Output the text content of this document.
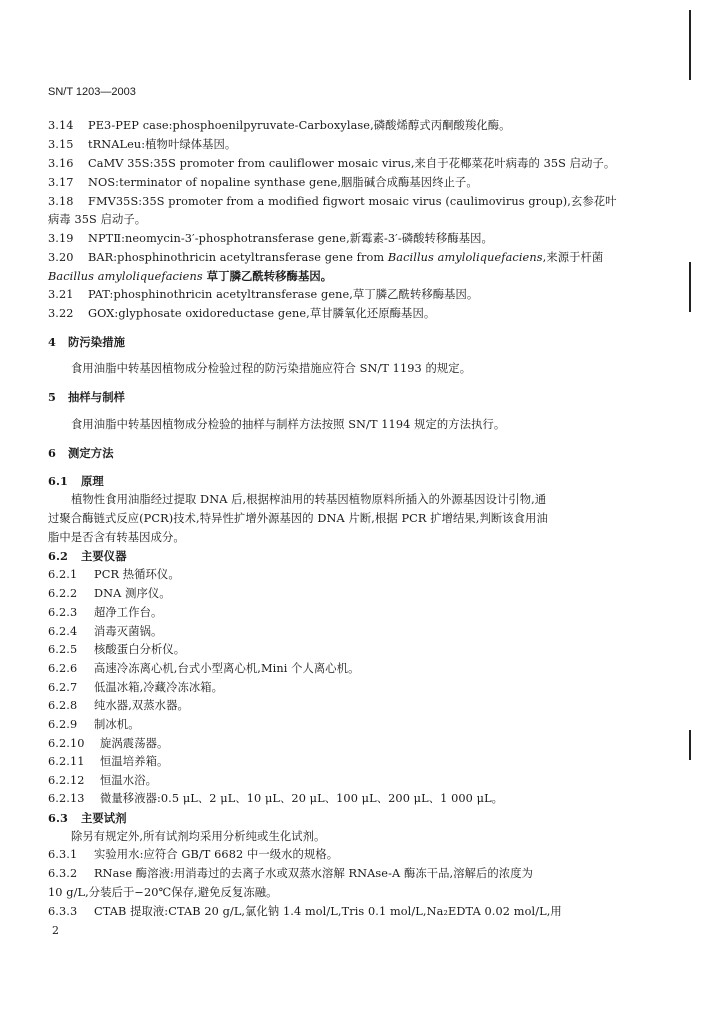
SN/T 1203—2003
3.14 PE3-PEP case:phosphoenilpyruvate-Carboxylase,磷酸烯醇式丙酮酸羧化酶。
3.15 tRNALeu:植物叶绿体基因。
3.16 CaMV 35S:35S promoter from cauliflower mosaic virus,来自于花椰菜花叶病毒的 35S 启动子。
3.17 NOS:terminator of nopaline synthase gene,胭脂碱合成酶基因终止子。
3.18 FMV35S:35S promoter from a modified figwort mosaic virus (caulimovirus group),玄参花叶
病毒 35S 启动子。
3.19 NPTⅡ:neomycin-3′-phosphotransferase gene,新霉素-3′-磷酸转移酶基因。
3.20 BAR:phosphinothricin acetyltransferase gene from Bacillus amyloliquefaciens,来源于杆菌
Bacillus amyloliquefaciens 草丁膦乙酰转移酶基因。
3.21 PAT:phosphinothricin acetyltransferase gene,草丁膦乙酰转移酶基因。
3.22 GOX:glyphosate oxidoreductase gene,草甘膦氧化还原酶基因。
4 防污染措施
食用油脂中转基因植物成分检验过程的防污染措施应符合 SN/T 1193 的规定。
5 抽样与制样
食用油脂中转基因植物成分检验的抽样与制样方法按照 SN/T 1194 规定的方法执行。
6 测定方法
6.1 原理
植物性食用油脂经过提取 DNA 后,根据榨油用的转基因植物原料所插入的外源基因设计引物,通
过聚合酶链式反应(PCR)技术,特异性扩增外源基因的 DNA 片断,根据 PCR 扩增结果,判断该食用油
脂中是否含有转基因成分。
6.2 主要仪器
6.2.1 PCR 热循环仪。
6.2.2 DNA 测序仪。
6.2.3 超净工作台。
6.2.4 消毒灭菌锅。
6.2.5 核酸蛋白分析仪。
6.2.6 高速冷冻离心机,台式小型离心机,Mini 个人离心机。
6.2.7 低温冰箱,冷藏冷冻冰箱。
6.2.8 纯水器,双蒸水器。
6.2.9 制冰机。
6.2.10 旋涡震荡器。
6.2.11 恒温培养箱。
6.2.12 恒温水浴。
6.2.13 微量移液器:0.5 μL、2 μL、10 μL、20 μL、100 μL、200 μL、1 000 μL。
6.3 主要试剂
除另有规定外,所有试剂均采用分析纯或生化试剂。
6.3.1 实验用水:应符合 GB/T 6682 中一级水的规格。
6.3.2 RNase 酶溶液:用消毒过的去离子水或双蒸水溶解 RNAse-A 酶冻干品,溶解后的浓度为
10 g/L,分装后于−20℃保存,避免反复冻融。
6.3.3 CTAB 提取液:CTAB 20 g/L,氯化钠 1.4 mol/L,Tris 0.1 mol/L,Na₂EDTA 0.02 mol/L,用
2
